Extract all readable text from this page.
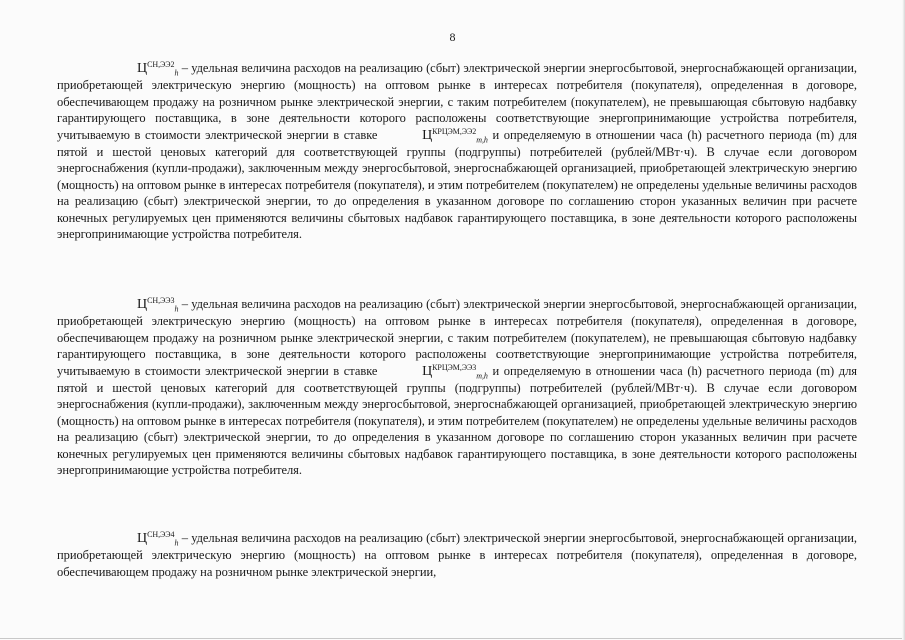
8

$Ц^{СН,ЭЭ2}_h$ – удельная величина расходов на реализацию (сбыт) электрической энергии энергосбытовой, энергоснабжающей организации, приобретающей электрическую энергию (мощность) на оптовом рынке в интересах потребителя (покупателя), определенная в договоре, обеспечивающем продажу на розничном рынке электрической энергии, с таким потребителем (покупателем), не превышающая сбытовую надбавку гарантирующего поставщика, в зоне деятельности которого расположены соответствующие энергопринимающие устройства потребителя, учитываемую в стоимости электрической энергии в ставке	$Ц^{КРЦЭМ,ЭЭ2}_{m,h}$ и определяемую в отношении часа (h) расчетного периода (m) для пятой и шестой ценовых категорий для соответствующей группы (подгруппы) потребителей (рублей/МВт·ч). В случае если договором энергоснабжения (купли-продажи), заключенным между энергосбытовой, энергоснабжающей организацией, приобретающей электрическую энергию (мощность) на оптовом рынке в интересах потребителя (покупателя), и этим потребителем (покупателем) не определены удельные величины расходов на реализацию (сбыт) электрической энергии, то до определения в указанном договоре по соглашению сторон указанных величин при расчете конечных регулируемых цен применяются величины сбытовых надбавок гарантирующего поставщика, в зоне деятельности которого расположены энергопринимающие устройства потребителя.

$Ц^{СН,ЭЭ3}_h$ – удельная величина расходов на реализацию (сбыт) электрической энергии энергосбытовой, энергоснабжающей организации, приобретающей электрическую энергию (мощность) на оптовом рынке в интересах потребителя (покупателя), определенная в договоре, обеспечивающем продажу на розничном рынке электрической энергии, с таким потребителем (покупателем), не превышающая сбытовую надбавку гарантирующего поставщика, в зоне деятельности которого расположены соответствующие энергопринимающие устройства потребителя, учитываемую в стоимости электрической энергии в ставке	$Ц^{КРЦЭМ,ЭЭ3}_{m,h}$ и определяемую в отношении часа (h) расчетного периода (m) для пятой и шестой ценовых категорий для соответствующей группы (подгруппы) потребителей (рублей/МВт·ч). В случае если договором энергоснабжения (купли-продажи), заключенным между энергосбытовой, энергоснабжающей организацией, приобретающей электрическую энергию (мощность) на оптовом рынке в интересах потребителя (покупателя), и этим потребителем (покупателем) не определены удельные величины расходов на реализацию (сбыт) электрической энергии, то до определения в указанном договоре по соглашению сторон указанных величин при расчете конечных регулируемых цен применяются величины сбытовых надбавок гарантирующего поставщика, в зоне деятельности которого расположены энергопринимающие устройства потребителя.

$Ц^{СН,ЭЭ4}_h$ – удельная величина расходов на реализацию (сбыт) электрической энергии энергосбытовой, энергоснабжающей организации, приобретающей электрическую энергию (мощность) на оптовом рынке в интересах потребителя (покупателя), определенная в договоре, обеспечивающем продажу на розничном рынке электрической энергии,
